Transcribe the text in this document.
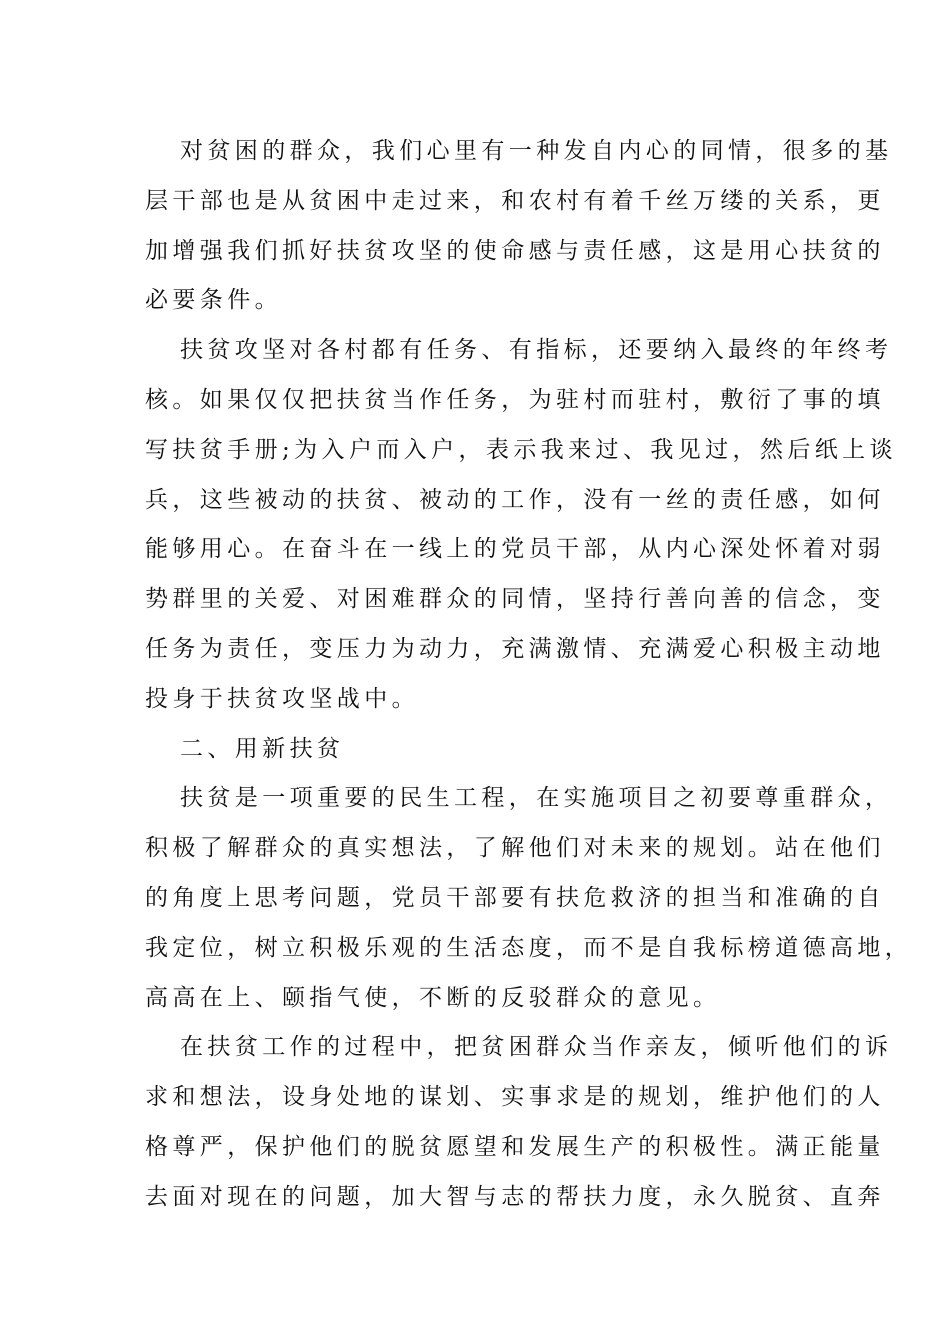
对贫困的群众，我们心里有一种发自内心的同情，很多的基
层干部也是从贫困中走过来，和农村有着千丝万缕的关系，更
加增强我们抓好扶贫攻坚的使命感与责任感，这是用心扶贫的
必要条件。
扶贫攻坚对各村都有任务、有指标，还要纳入最终的年终考
核。如果仅仅把扶贫当作任务，为驻村而驻村，敷衍了事的填
写扶贫手册;为入户而入户，表示我来过、我见过，然后纸上谈
兵，这些被动的扶贫、被动的工作，没有一丝的责任感，如何
能够用心。在奋斗在一线上的党员干部，从内心深处怀着对弱
势群里的关爱、对困难群众的同情，坚持行善向善的信念，变
任务为责任，变压力为动力，充满激情、充满爱心积极主动地
投身于扶贫攻坚战中。
二、用新扶贫
扶贫是一项重要的民生工程，在实施项目之初要尊重群众，
积极了解群众的真实想法，了解他们对未来的规划。站在他们
的角度上思考问题，党员干部要有扶危救济的担当和准确的自
我定位，树立积极乐观的生活态度，而不是自我标榜道德高地，
高高在上、颐指气使，不断的反驳群众的意见。
在扶贫工作的过程中，把贫困群众当作亲友，倾听他们的诉
求和想法，设身处地的谋划、实事求是的规划，维护他们的人
格尊严，保护他们的脱贫愿望和发展生产的积极性。满正能量
去面对现在的问题，加大智与志的帮扶力度，永久脱贫、直奔
